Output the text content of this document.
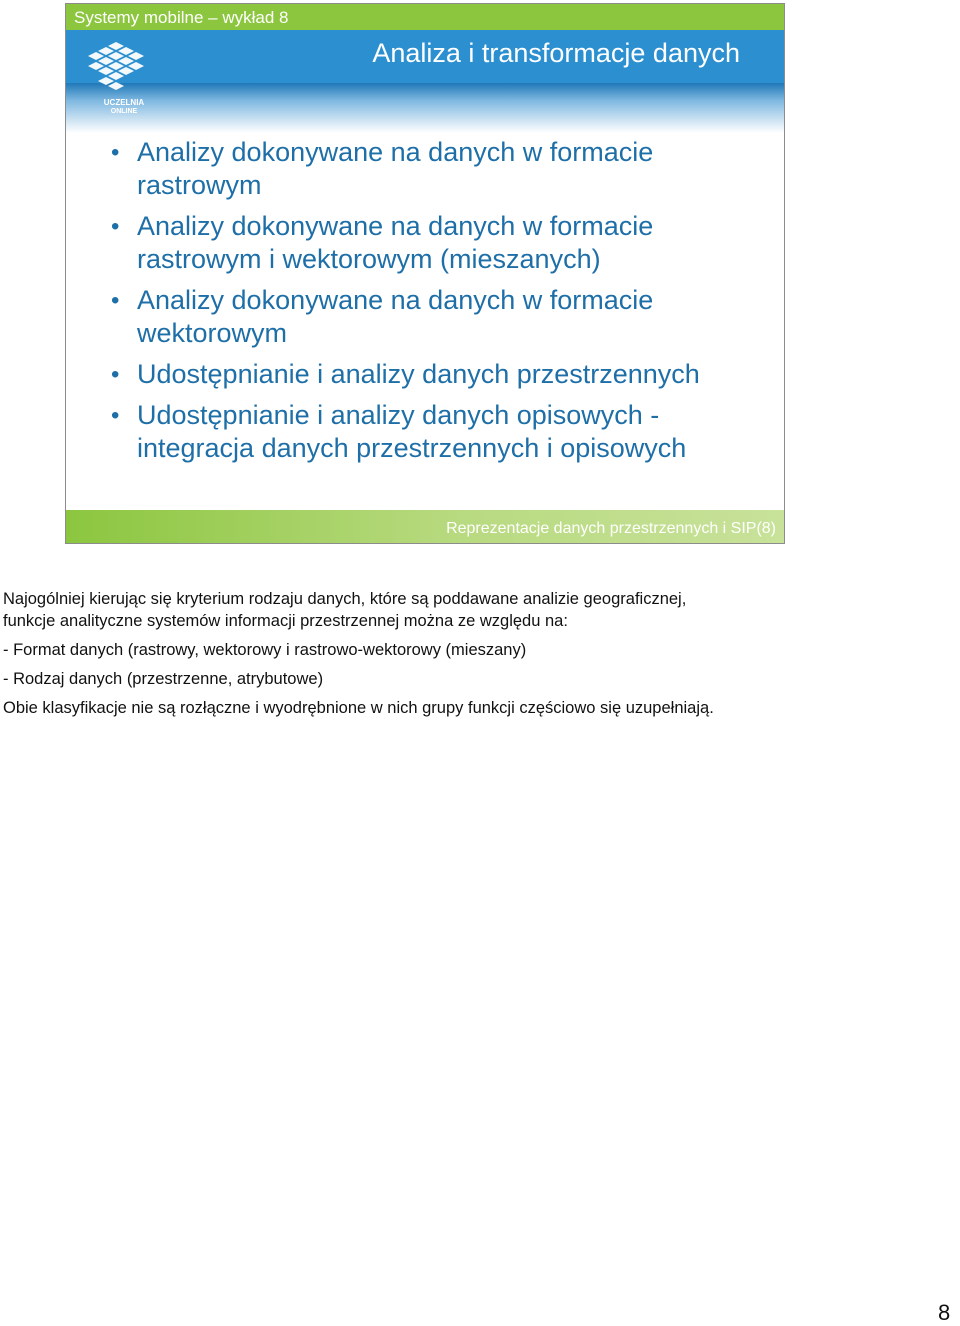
Systemy mobilne – wykład 8
UCZELNIA
ONLINE
Analiza i transformacje danych
• Analizy dokonywane na danych w formacie rastrowym
• Analizy dokonywane na danych w formacie rastrowym i wektorowym (mieszanych)
• Analizy dokonywane na danych w formacie wektorowym
• Udostępnianie i analizy danych przestrzennych
• Udostępnianie i analizy danych opisowych - integracja danych przestrzennych i opisowych
Reprezentacje danych przestrzennych i SIP(8)

Najogólniej kierując się kryterium rodzaju danych, które są poddawane analizie geograficznej,

funkcje analityczne systemów informacji przestrzennej można ze względu na:

- Format danych (rastrowy, wektorowy i rastrowo-wektorowy (mieszany)

- Rodzaj danych (przestrzenne, atrybutowe)

Obie klasyfikacje nie są rozłączne i wyodrębnione w nich grupy funkcji częściowo się uzupełniają.

8
